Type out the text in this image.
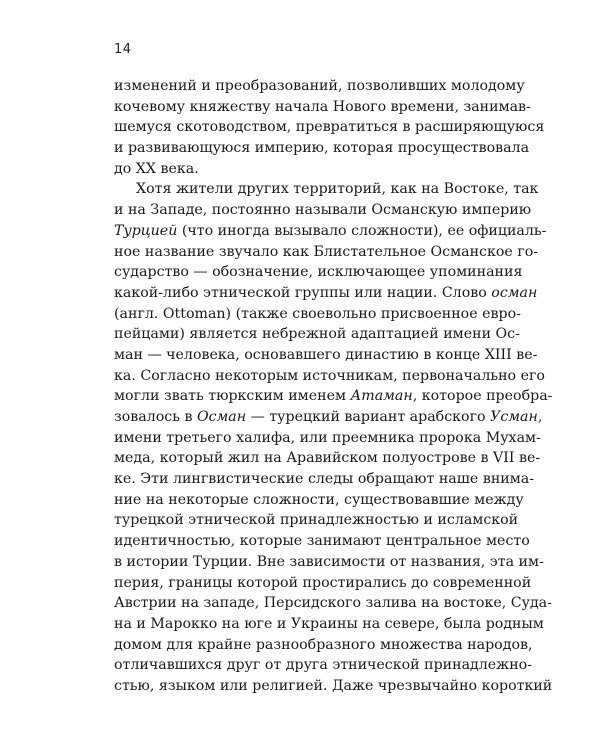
14
изменений и преобразований, позволивших молодому
кочевому княжеству начала Нового времени, занимав-
шемуся скотоводством, превратиться в расширяющуюся
и развивающуюся империю, которая просуществовала
до XX века.
Хотя жители других территорий, как на Востоке, так
и на Западе, постоянно называли Османскую империю
Турцией (что иногда вызывало сложности), ее официаль-
ное название звучало как Блистательное Османское го-
сударство — обозначение, исключающее упоминания
какой-либо этнической группы или нации. Слово осман
(англ. Ottoman) (также своевольно присвоенное евро-
пейцами) является небрежной адаптацией имени Ос-
ман — человека, основавшего династию в конце XIII ве-
ка. Согласно некоторым источникам, первоначально его
могли звать тюркским именем Атаман, которое преобра-
зовалось в Осман — турецкий вариант арабского Усман,
имени третьего халифа, или преемника пророка Мухам-
меда, который жил на Аравийском полуострове в VII ве-
ке. Эти лингвистические следы обращают наше внима-
ние на некоторые сложности, существовавшие между
турецкой этнической принадлежностью и исламской
идентичностью, которые занимают центральное место
в истории Турции. Вне зависимости от названия, эта им-
перия, границы которой простирались до современной
Австрии на западе, Персидского залива на востоке, Суда-
на и Марокко на юге и Украины на севере, была родным
домом для крайне разнообразного множества народов,
отличавшихся друг от друга этнической принадлежно-
стью, языком или религией. Даже чрезвычайно короткий
